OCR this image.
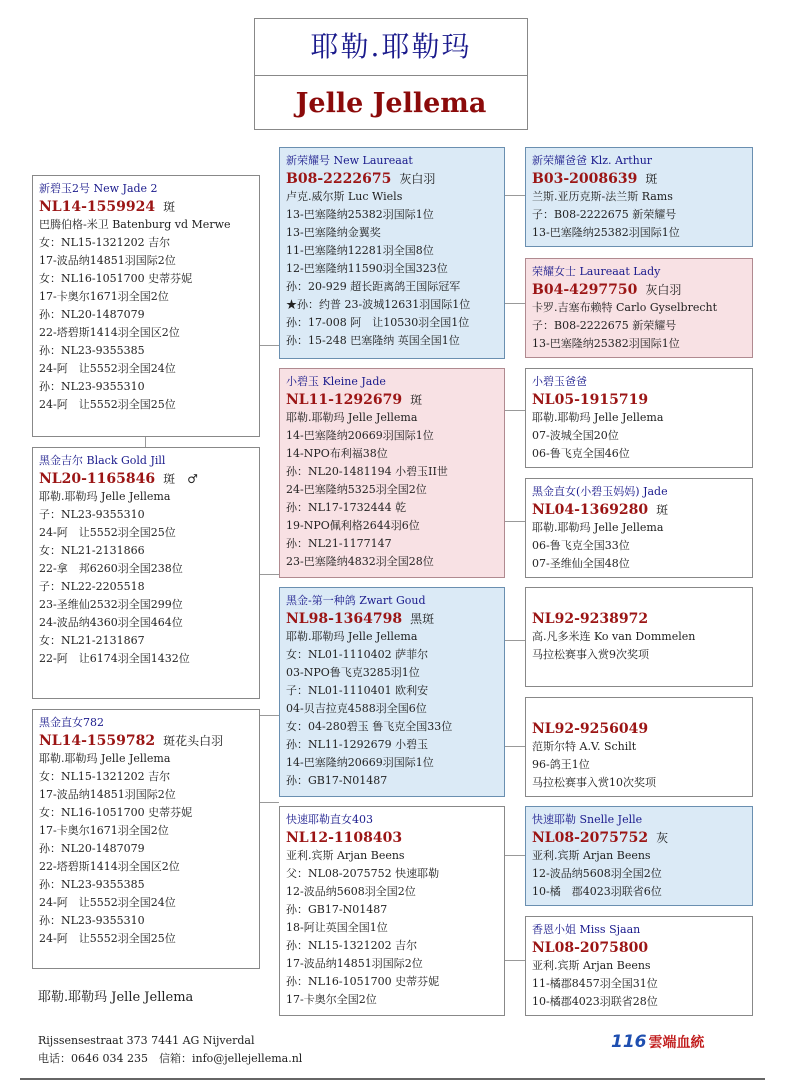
耶勒.耶勒玛
Jelle Jellema
新碧玉2号 New Jade 2
NL14-1559924 斑
巴腾伯格-米卫 Batenburg vd Merwe
女：NL15-1321202 吉尔
17-波品纳14851羽国际2位
女：NL16-1051700 史蒂芬妮
17-卡奥尔1671羽全国2位
孙：NL20-1487079
22-塔碧斯1414羽全国区2位
孙：NL23-9355385
24-阿　让5552羽全国24位
孙：NL23-9355310
24-阿　让5552羽全国25位
黑金吉尔 Black Gold Jill
NL20-1165846 斑　♂
耶勒.耶勒玛 Jelle Jellema
子：NL23-9355310
24-阿　让5552羽全国25位
女：NL21-2131866
22-拿　邦6260羽全国238位
子：NL22-2205518
23-圣维仙2532羽全国299位
24-波品纳4360羽全国464位
女：NL21-2131867
22-阿　让6174羽全国1432位
黑金直女782
NL14-1559782 斑花头白羽
耶勒.耶勒玛 Jelle Jellema
女：NL15-1321202 吉尔
17-波品纳14851羽国际2位
女：NL16-1051700 史蒂芬妮
17-卡奥尔1671羽全国2位
孙：NL20-1487079
22-塔碧斯1414羽全国区2位
孙：NL23-9355385
24-阿　让5552羽全国24位
孙：NL23-9355310
24-阿　让5552羽全国25位
新荣耀号 New Laureaat
B08-2222675 灰白羽
卢克.威尔斯 Luc Wiels
13-巴塞隆纳25382羽国际1位
13-巴塞隆纳金翼奖
11-巴塞隆纳12281羽全国8位
12-巴塞隆纳11590羽全国323位
孙：20-929 超长距离鸽王国际冠军
★孙：约普 23-波城12631羽国际1位
孙：17-008 阿　让10530羽全国1位
孙：15-248 巴塞隆纳 英国全国1位
小碧玉 Kleine Jade
NL11-1292679 斑
耶勒.耶勒玛 Jelle Jellema
14-巴塞隆纳20669羽国际1位
14-NPO布利福38位
孙：NL20-1481194 小碧玉II世
24-巴塞隆纳5325羽全国2位
孙：NL17-1732444 乾
19-NPO佩利格2644羽6位
孙：NL21-1177147
23-巴塞隆纳4832羽全国28位
黑金-第一种鸽 Zwart Goud
NL98-1364798 黑斑
耶勒.耶勒玛 Jelle Jellema
女：NL01-1110402 萨菲尔
03-NPO鲁飞克3285羽1位
子：NL01-1110401 欧利安
04-贝吉拉克4588羽全国6位
女：04-280碧玉 鲁飞克全国33位
孙：NL11-1292679 小碧玉
14-巴塞隆纳20669羽国际1位
孙：GB17-N01487
快速耶勒直女403
NL12-1108403
亚利.宾斯 Arjan Beens
父：NL08-2075752 快速耶勒
12-波品纳5608羽全国2位
孙：GB17-N01487
18-阿让英国全国1位
孙：NL15-1321202 吉尔
17-波品纳14851羽国际2位
孙：NL16-1051700 史蒂芬妮
17-卡奥尔全国2位
新荣耀爸爸 Klz. Arthur
B03-2008639 斑
兰斯.亚历克斯-法兰斯 Rams
子：B08-2222675 新荣耀号
13-巴塞隆纳25382羽国际1位
荣耀女士 Laureaat Lady
B04-4297750 灰白羽
卡罗.吉塞布赖特 Carlo Gyselbrecht
子：B08-2222675 新荣耀号
13-巴塞隆纳25382羽国际1位
小碧玉爸爸
NL05-1915719
耶勒.耶勒玛 Jelle Jellema
07-波城全国20位
06-鲁飞克全国46位
黑金直女(小碧玉妈妈) Jade
NL04-1369280 斑
耶勒.耶勒玛 Jelle Jellema
06-鲁飞克全国33位
07-圣维仙全国48位
NL92-9238972
高.凡多米连 Ko van Dommelen
马拉松赛事入赏9次奖项
NL92-9256049
范斯尔特 A.V. Schilt
96-鸽王1位
马拉松赛事入赏10次奖项
快速耶勒 Snelle Jelle
NL08-2075752 灰
亚利.宾斯 Arjan Beens
12-波品纳5608羽全国2位
10-橘　郡4023羽联省6位
香恩小姐 Miss Sjaan
NL08-2075800
亚利.宾斯 Arjan Beens
11-橘郡8457羽全国31位
10-橘郡4023羽联省28位
耶勒.耶勒玛 Jelle Jellema
Rijssensestraat 373 7441 AG Nijverdal
电话：0646 034 235　信箱：info@jellejellema.nl
116 雲端血統
